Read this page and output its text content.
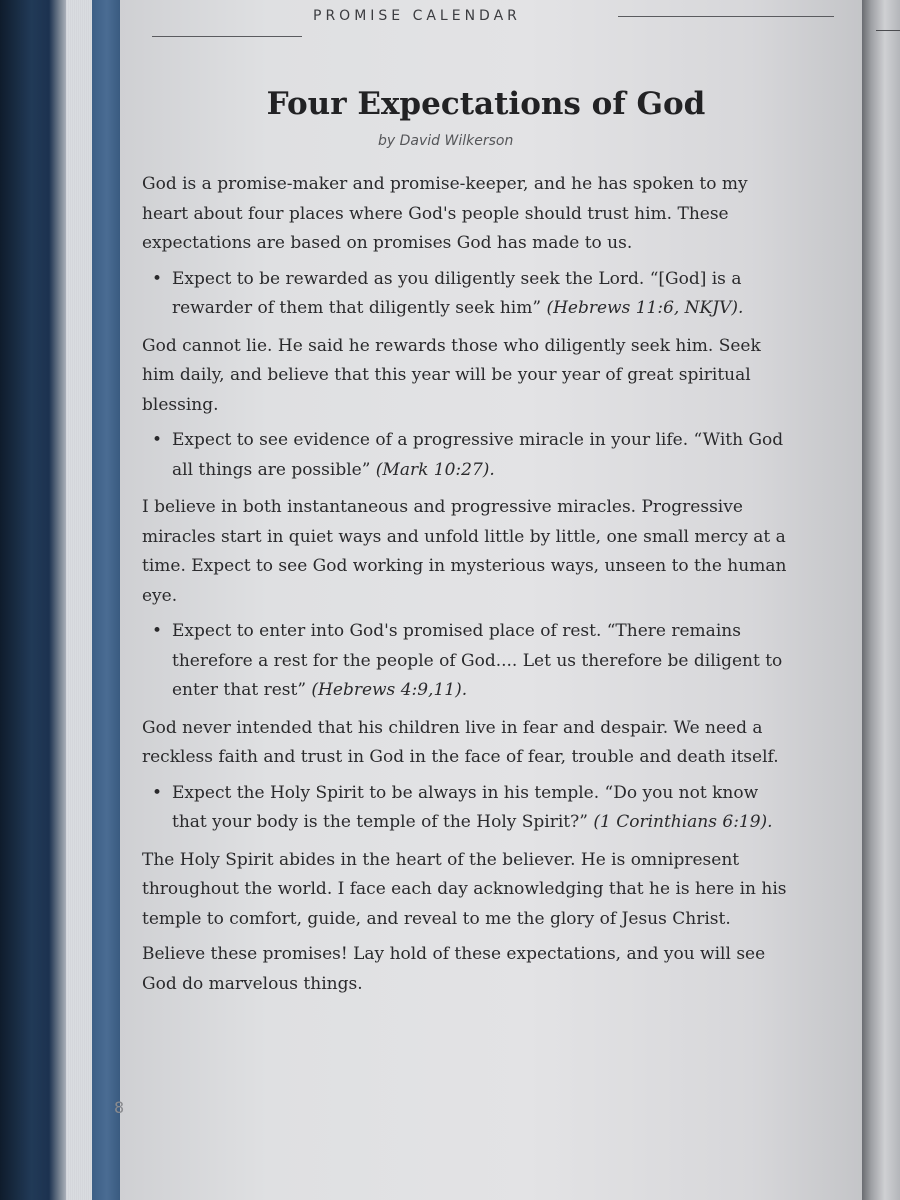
PROMISE CALENDAR
Four Expectations of God
by David Wilkerson

God is a promise-maker and promise-keeper, and he has spoken to my heart about four places where God's people should trust him. These expectations are based on promises God has made to us.

• Expect to be rewarded as you diligently seek the Lord. “[God] is a rewarder of them that diligently seek him” (Hebrews 11:6, NKJV).

God cannot lie. He said he rewards those who diligently seek him. Seek him daily, and believe that this year will be your year of great spiritual blessing.

• Expect to see evidence of a progressive miracle in your life. “With God all things are possible” (Mark 10:27).

I believe in both instantaneous and progressive miracles. Progressive miracles start in quiet ways and unfold little by little, one small mercy at a time. Expect to see God working in mysterious ways, unseen to the human eye.

• Expect to enter into God's promised place of rest. “There remains therefore a rest for the people of God.... Let us therefore be diligent to enter that rest” (Hebrews 4:9,11).

God never intended that his children live in fear and despair. We need a reckless faith and trust in God in the face of fear, trouble and death itself.

• Expect the Holy Spirit to be always in his temple. “Do you not know that your body is the temple of the Holy Spirit?” (1 Corinthians 6:19).

The Holy Spirit abides in the heart of the believer. He is omnipresent throughout the world. I face each day acknowledging that he is here in his temple to comfort, guide, and reveal to me the glory of Jesus Christ.

Believe these promises! Lay hold of these expectations, and you will see God do marvelous things.

8
